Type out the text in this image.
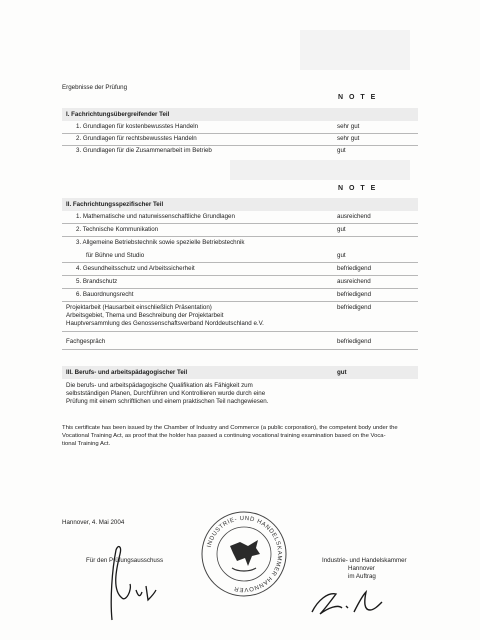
Ergebnisse der Prüfung
N O T E
I. Fachrichtungsübergreifender Teil
1. Grundlagen für kostenbewusstes Handeln	sehr gut
2. Grundlagen für rechtsbewusstes Handeln	sehr gut
3. Grundlagen für die Zusammenarbeit im Betrieb	gut
N O T E
II. Fachrichtungsspezifischer Teil
1. Mathematische und naturwissenschaftliche Grundlagen	ausreichend
2. Technische Kommunikation	gut
3. Allgemeine Betriebstechnik sowie spezielle Betriebstechnik
für Bühne und Studio	gut
4. Gesundheitsschutz und Arbeitssicherheit	befriedigend
5. Brandschutz	ausreichend
6. Bauordnungsrecht	befriedigend
Projektarbeit (Hausarbeit einschließlich Präsentation)	befriedigend
Arbeitsgebiet, Thema und Beschreibung der Projektarbeit
Hauptversammlung des Genossenschaftsverband Norddeutschland e.V.
Fachgespräch	befriedigend
III. Berufs- und arbeitspädagogischer Teil	gut
Die berufs- und arbeitspädagogische Qualifikation als Fähigkeit zum
selbstständigen Planen, Durchführen und Kontrollieren wurde durch eine
Prüfung mit einem schriftlichen und einem praktischen Teil nachgewiesen.
This certificate has been issued by the Chamber of Industry and Commerce (a public corporation), the competent body under the
Vocational Training Act, as proof that the holder has passed a continuing vocational training examination based on the Voca-
tional Training Act.
Hannover, 4. Mai 2004
Für den Prüfungsausschuss	Industrie- und Handelskammer
Hannover
im Auftrag
INDUSTRIE- UND HANDELSKAMMER HANNOVER
